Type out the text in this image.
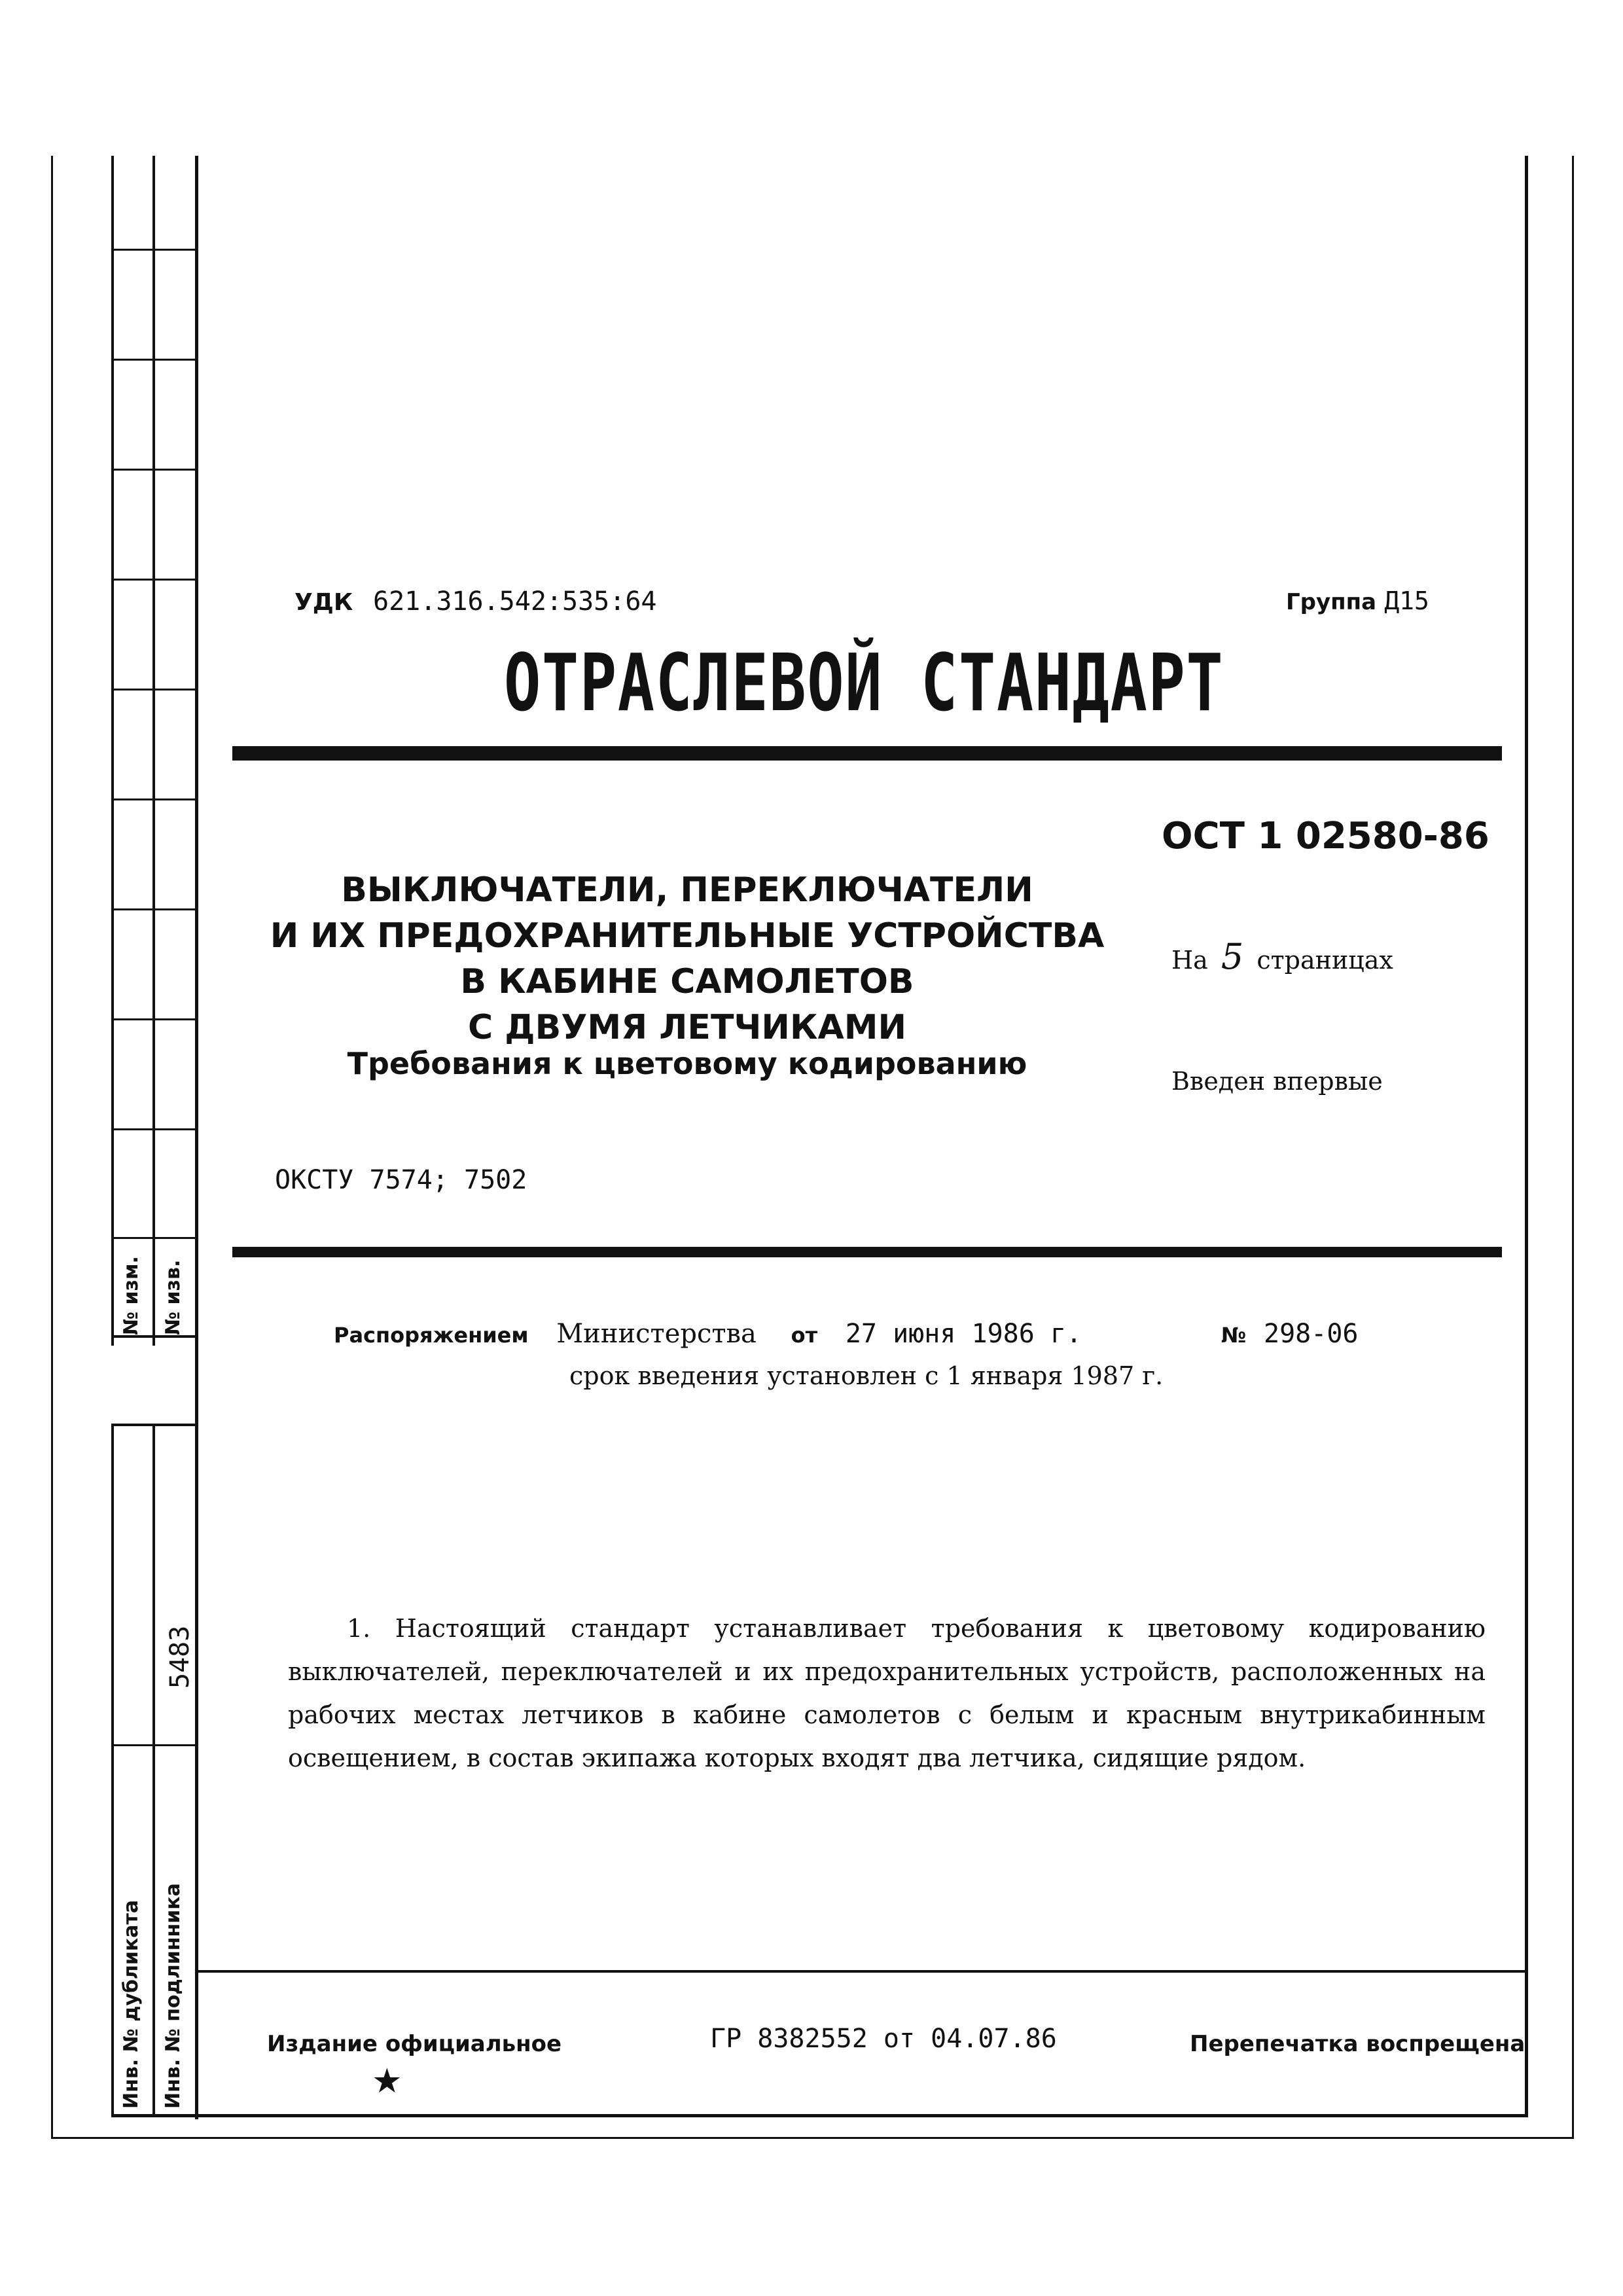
№ изм. № изв.
5483
Инв. № дубликата Инв. № подлинника
УДК 621.316.542:535:64	Группа Д15
ОТРАСЛЕВОЙ СТАНДАРТ
ОСТ 1 02580-86
ВЫКЛЮЧАТЕЛИ, ПЕРЕКЛЮЧАТЕЛИ
И ИХ ПРЕДОХРАНИТЕЛЬНЫЕ УСТРОЙСТВА
В КАБИНЕ САМОЛЕТОВ
С ДВУМЯ ЛЕТЧИКАМИ
Требования к цветовому кодированию
На 5 страницах
Введен впервые
ОКСТУ 7574; 7502
Распоряжением Министерства от 27 июня 1986 г.	№ 298-06
срок введения установлен с 1 января 1987 г.
1. Настоящий стандарт устанавливает требования к цветовому кодированию выключателей, переключателей и их предохранительных устройств, расположенных на рабочих местах летчиков в кабине самолетов с белым и красным внутрикабинным освещением, в состав экипажа которых входят два летчика, сидящие рядом.
Издание официальное
★
ГР 8382552 от 04.07.86	Перепечатка воспрещена
